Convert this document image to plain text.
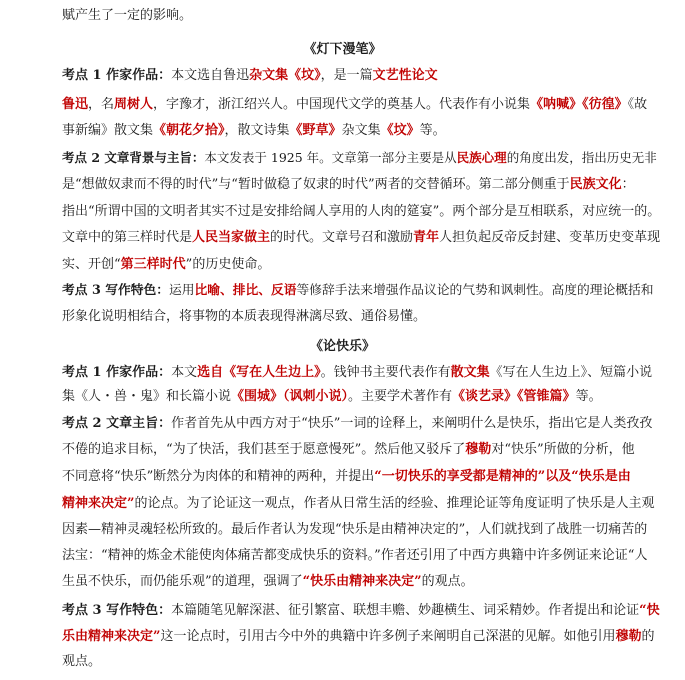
赋产生了一定的影响。
《灯下漫笔》
考点 1 作家作品：本文选自鲁迅杂文集《坟》，是一篇文艺性论文
鲁迅，名周树人，字豫才，浙江绍兴人。中国现代文学的奠基人。代表作有小说集《呐喊》《彷徨》《故
事新编》散文集《朝花夕拾》，散文诗集《野草》杂文集《坟》等。
考点 2 文章背景与主旨：本文发表于 1925 年。文章第一部分主要是从民族心理的角度出发，指出历史无非
是“想做奴隶而不得的时代”与“暂时做稳了奴隶的时代”两者的交替循环。第二部分侧重于民族文化：
指出“所谓中国的文明者其实不过是安排给阔人享用的人肉的筵宴”。两个部分是互相联系，对应统一的。
文章中的第三样时代是人民当家做主的时代。文章号召和激励青年人担负起反帝反封建、变革历史变革现
实、开创“第三样时代”的历史使命。
考点 3 写作特色：运用比喻、排比、反语等修辞手法来增强作品议论的气势和讽刺性。高度的理论概括和
形象化说明相结合，将事物的本质表现得淋漓尽致、通俗易懂。
《论快乐》
考点 1 作家作品：本文选自《写在人生边上》。钱钟书主要代表作有散文集《写在人生边上》、短篇小说
集《人・兽・鬼》和长篇小说《围城》（讽刺小说）。主要学术著作有《谈艺录》《管锥篇》等。
考点 2 文章主旨：作者首先从中西方对于“快乐”一词的诠释上，来阐明什么是快乐，指出它是人类孜孜
不倦的追求目标，“为了快活，我们甚至于愿意慢死”。然后他又驳斥了穆勒对“快乐”所做的分析，他
不同意将“快乐”断然分为肉体的和精神的两种，并提出“一切快乐的享受都是精神的”以及“快乐是由
精神来决定”的论点。为了论证这一观点，作者从日常生活的经验、推理论证等角度证明了快乐是人主观
因素—精神灵魂轻松所致的。最后作者认为发现“快乐是由精神决定的”，人们就找到了战胜一切痛苦的
法宝：“精神的炼金术能使肉体痛苦都变成快乐的资料。”作者还引用了中西方典籍中许多例证来论证“人
生虽不快乐，而仍能乐观”的道理，强调了“快乐由精神来决定”的观点。
考点 3 写作特色：本篇随笔见解深湛、征引繁富、联想丰赡、妙趣横生、词采精妙。作者提出和论证“快
乐由精神来决定”这一论点时，引用古今中外的典籍中许多例子来阐明自己深湛的见解。如他引用穆勒的
观点。
